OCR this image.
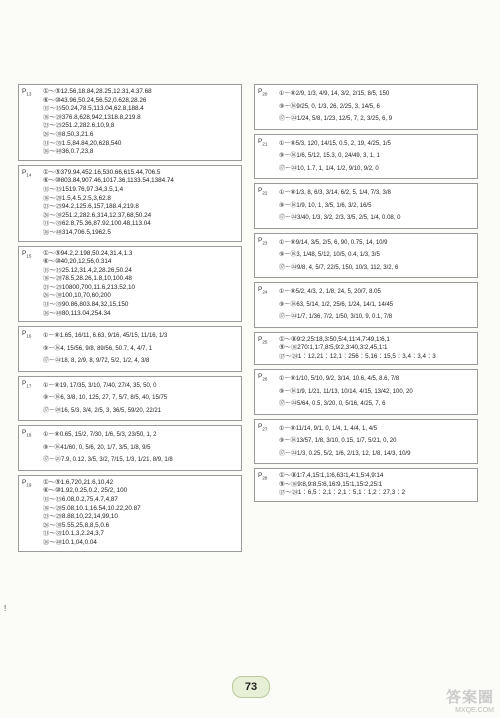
$P_{13}$ ①～⑤12.56,18.84,28.25,12.31,4.37.68
⑥～⑩43.96,50.24,56.52,0.628,28.26
⑪～⑮50.24,78.5,113.04,62.8,188.4
⑯～⑳376.8,628,942,1318.8,219.8
㉑～㉕251.2,282.6,10,9,8
㉖～㉚8,50,3,21.6
㉛～㉟1.5,84.84,20,628,540
㊱～㊵36,0.7,23,8
$P_{14}$ ①～⑤379.94,452.16,530.66,615.44,706.5
⑥～⑩803.84,907.46,1017.36,1133.54,1384.74
⑪～⑮1519.76,97.34,3.5,1,4
⑯～⑳1.5,4.5,2.5,3,62.8
㉑～㉕94.2,125.6,157,188.4,219.8
㉖～㉚251.2,282.6,314,12.37,68,50.24
㉛～㉟62.8,75.36,87.92,100.48,113.04
㊱～㊵314,706.5,1962.5
$P_{15}$ ①～⑤94.2,2.198,50.24,31.4,1.3
⑥～⑩40,20,12,56,0.314
⑪～⑮25.12,31.4,2,28.26,50.24
⑯～⑳78.5,28.26,1.8,10,100.48
㉑～㉕10800,700,11.6,213.52,10
㉖～㉚100,10,70,60,200
㉛～㉟90.86,803.84,32,15,150
㊱～㊵80,113.04,254.34
$P_{16}$ ①～⑧1.65, 16/11, 6.63, 9/16, 45/15, 11/16, 1/3
⑨～⑯4, 15/56, 9/8, 89/56, 50.7, 4, 4/7, 1
⑰～㉔18, 8, 2/9, 8, 9/72, 5/2, 1/2, 4, 3/8
$P_{17}$ ①～⑧19, 17/35, 3/10, 7/40, 27/4, 35, 50, 0
⑨～⑯6, 3/8, 10, 125, 27, 7, 5/7, 8/5, 40, 15/75
⑰～⑳16, 5/3, 3/4, 2/5, 3, 36/5, 59/20, 22/21
$P_{18}$ ①～⑧0.65, 15/2, 7/30, 1/6, 5/3, 23/50, 1, 2
⑨～⑯41/60, 0, 5/6, 20, 1/7, 3/5, 1/8, 9/5
⑰～㉑7.9, 0.12, 3/5, 3/2, 7/15, 1/3, 1/21, 8/9, 1/8
$P_{19}$ ①～⑤1.6,720,21.6,10,42
⑥～⑩1.92,0.25,0.2, 25/2, 100
⑪～⑮6.08,0.2,75,4.7,4,87
⑯～⑳5.08,10.1,16.54,10.22,20.87
㉑～㉕8.88,10,22,14,99,10
㉖～㉚5.55,25,8,8,5,0.6
㉛～㉟10.1,3,2.24,3,7
㊱～㊵10.1,04,0.04
$P_{20}$ ①～⑧2/9, 1/3, 4/9, 14, 3/2, 2/15, 8/5, 150
⑨～⑯9/25, 0, 1/3, 26, 2/25, 3, 14/5, 6
⑰～㉔1/24, 5/8, 1/23, 12/5, 7, 2, 3/25, 6, 9
$P_{21}$ ①～⑧5/3, 120, 14/15, 0.5, 2, 19, 4/25, 1/5
⑨～⑯1/6, 5/12, 15.3, 0, 24/49, 3, 1, 1
⑰～㉔10, 1.7, 1, 1/4, 1/2, 9/10, 9/2, 0
$P_{22}$ ①～⑧1/3, 8, 6/3, 3/14, 6/2, 5, 1/4, 7/3, 3/8
⑨～⑯1/9, 10, 1, 3/5, 1/6, 3/2, 16/5
⑰～㉔3/40, 1/3, 3/2, 2/3, 3/5, 2/5, 1/4, 0.08, 0
$P_{23}$ ①～⑧9/14, 3/5, 2/5, 6, 90, 0.75, 14, 10/9
⑨～⑯3, 1/48, 5/12, 10/5, 0.4, 1/3, 3/5
⑰～㉔9/8, 4, 5/7, 22/5, 150, 10/3, 112, 3/2, 6
$P_{24}$ ①～⑧5/2, 4/3, 2, 1/8, 24, 5, 20/7, 8.05
⑨～⑯63, 5/14, 1/2, 25/6, 1/24, 14/1, 14/45
⑰～㉔1/7, 1/36, 7/2, 1/50, 3/10, 9, 0.1, 7/8
$P_{25}$ ①～⑧9∶2,25∶18,3∶50,5∶4,11∶4,7∶49,1∶6,1
⑨～⑯270∶1,1∶7,8∶5,9∶2,3∶40,3∶2,45,1∶1
⑰～㉔1∶12,21∶12,1∶256∶5,16∶15,5∶3,4∶3,4∶3
$P_{26}$ ①～⑧1/10, 5/10, 9/2, 3/14, 10.6, 4/5, 8.6, 7/8
⑨～⑯1/9, 1/21, 11/13, 10/14, 4/15, 13/42, 100, 20
⑰～㉔5/64, 0.5, 3/20, 0, 5/16, 4/25, 7, 6
$P_{27}$ ①～⑧11/14, 9/1, 0, 1/4, 1, 4/4, 1, 4/5
⑨～⑯13/57, 1/8, 3/10, 0.15, 1/7, 5/21, 0, 20
⑰～㉔1/3, 0.25, 5/2, 1/6, 2/13, 12, 1/8, 14/3, 10/9
$P_{28}$ ①～⑧1∶7,4,15∶1,1∶6,63∶1,4∶1,5∶4,9∶14
⑨～⑯9∶8,9∶8,5∶6,16∶9,15∶1,15∶2,25∶1
⑰～㉔1∶6,5∶2,1∶2,1∶5,1∶1,2∶27,3∶2
!
73
答案圈
MXQE.COM
